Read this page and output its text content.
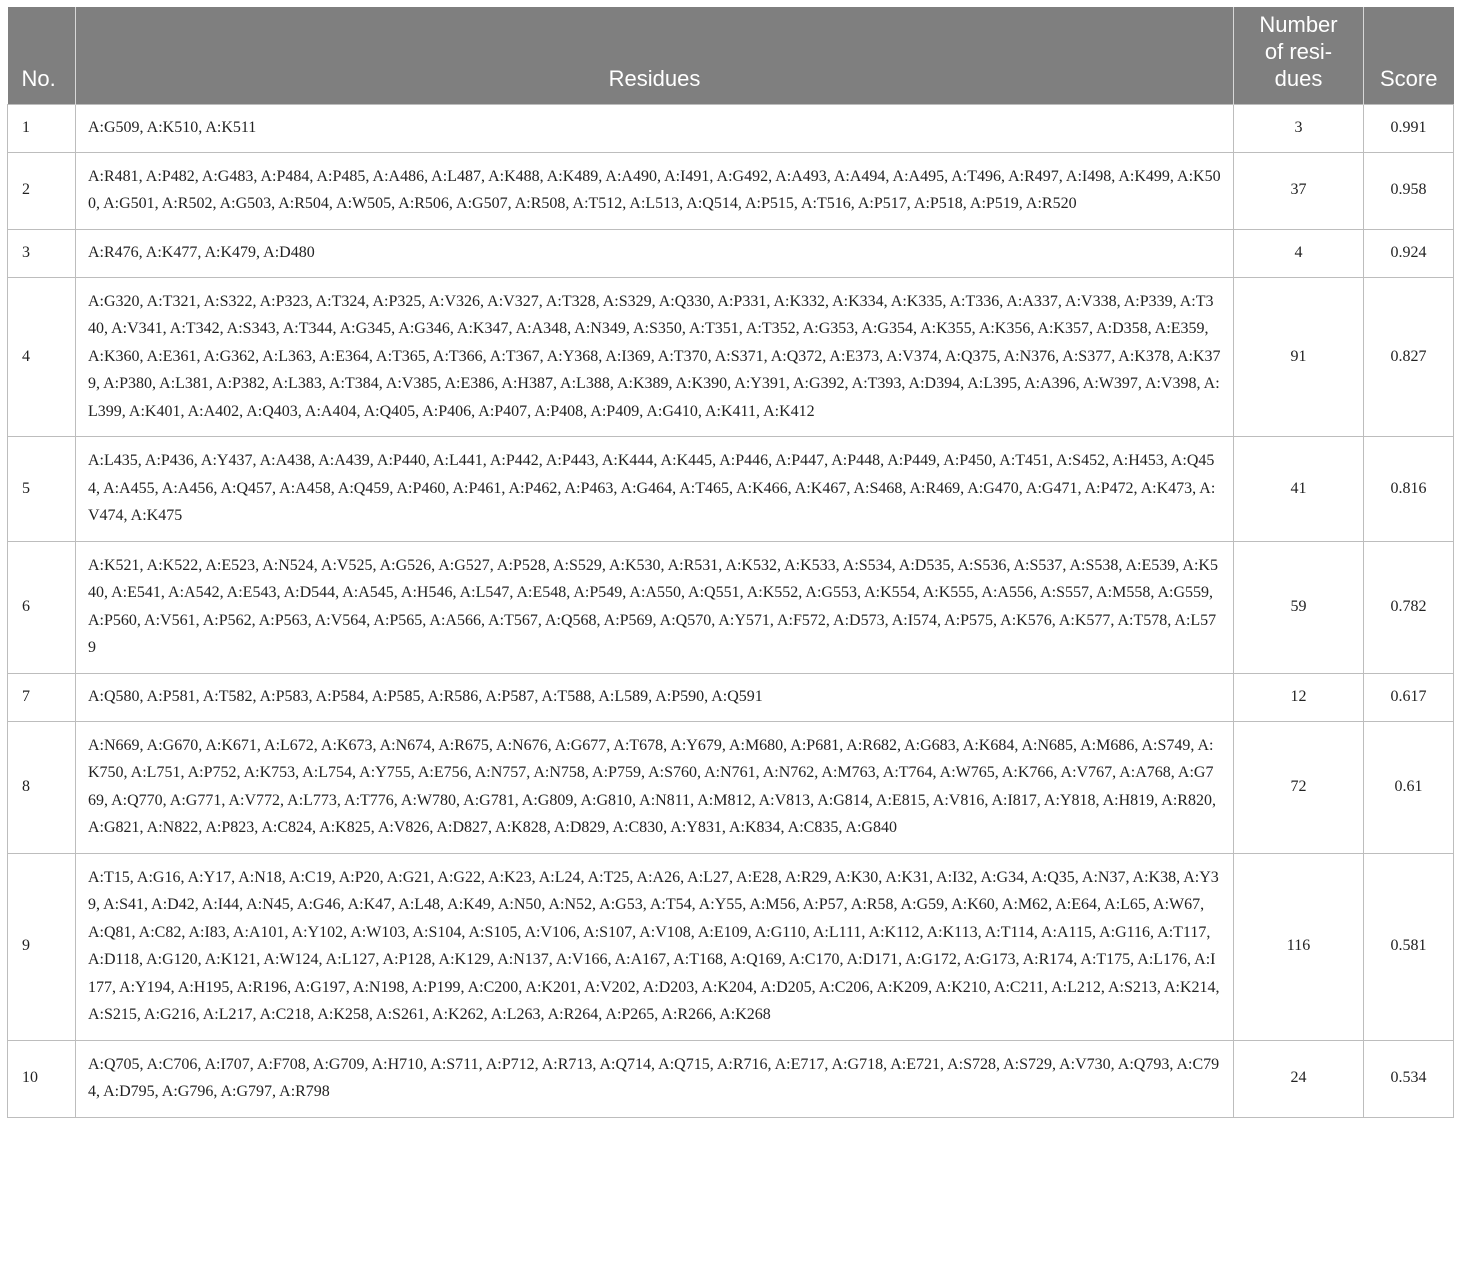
No.	Residues	Number
of resi-
dues	Score
1	A:G509, A:K510, A:K511	3	0.991
2	A:R481, A:P482, A:G483, A:P484, A:P485, A:A486, A:L487, A:K488, A:K489, A:A490, A:I491, A:G492, A:A493, A:A494, A:A495, A:T496, A:R497, A:I498, A:K499, A:K500, A:G501, A:R502, A:G503, A:R504, A:W505, A:R506, A:G507, A:R508, A:T512, A:L513, A:Q514, A:P515, A:T516, A:P517, A:P518, A:P519, A:R520	37	0.958
3	A:R476, A:K477, A:K479, A:D480	4	0.924
4	A:G320, A:T321, A:S322, A:P323, A:T324, A:P325, A:V326, A:V327, A:T328, A:S329, A:Q330, A:P331, A:K332, A:K334, A:K335, A:T336, A:A337, A:V338, A:P339, A:T340, A:V341, A:T342, A:S343, A:T344, A:G345, A:G346, A:K347, A:A348, A:N349, A:S350, A:T351, A:T352, A:G353, A:G354, A:K355, A:K356, A:K357, A:D358, A:E359, A:K360, A:E361, A:G362, A:L363, A:E364, A:T365, A:T366, A:T367, A:Y368, A:I369, A:T370, A:S371, A:Q372, A:E373, A:V374, A:Q375, A:N376, A:S377, A:K378, A:K379, A:P380, A:L381, A:P382, A:L383, A:T384, A:V385, A:E386, A:H387, A:L388, A:K389, A:K390, A:Y391, A:G392, A:T393, A:D394, A:L395, A:A396, A:W397, A:V398, A:L399, A:K401, A:A402, A:Q403, A:A404, A:Q405, A:P406, A:P407, A:P408, A:P409, A:G410, A:K411, A:K412	91	0.827
5	A:L435, A:P436, A:Y437, A:A438, A:A439, A:P440, A:L441, A:P442, A:P443, A:K444, A:K445, A:P446, A:P447, A:P448, A:P449, A:P450, A:T451, A:S452, A:H453, A:Q454, A:A455, A:A456, A:Q457, A:A458, A:Q459, A:P460, A:P461, A:P462, A:P463, A:G464, A:T465, A:K466, A:K467, A:S468, A:R469, A:G470, A:G471, A:P472, A:K473, A:V474, A:K475	41	0.816
6	A:K521, A:K522, A:E523, A:N524, A:V525, A:G526, A:G527, A:P528, A:S529, A:K530, A:R531, A:K532, A:K533, A:S534, A:D535, A:S536, A:S537, A:S538, A:E539, A:K540, A:E541, A:A542, A:E543, A:D544, A:A545, A:H546, A:L547, A:E548, A:P549, A:A550, A:Q551, A:K552, A:G553, A:K554, A:K555, A:A556, A:S557, A:M558, A:G559, A:P560, A:V561, A:P562, A:P563, A:V564, A:P565, A:A566, A:T567, A:Q568, A:P569, A:Q570, A:Y571, A:F572, A:D573, A:I574, A:P575, A:K576, A:K577, A:T578, A:L579	59	0.782
7	A:Q580, A:P581, A:T582, A:P583, A:P584, A:P585, A:R586, A:P587, A:T588, A:L589, A:P590, A:Q591	12	0.617
8	A:N669, A:G670, A:K671, A:L672, A:K673, A:N674, A:R675, A:N676, A:G677, A:T678, A:Y679, A:M680, A:P681, A:R682, A:G683, A:K684, A:N685, A:M686, A:S749, A:K750, A:L751, A:P752, A:K753, A:L754, A:Y755, A:E756, A:N757, A:N758, A:P759, A:S760, A:N761, A:N762, A:M763, A:T764, A:W765, A:K766, A:V767, A:A768, A:G769, A:Q770, A:G771, A:V772, A:L773, A:T776, A:W780, A:G781, A:G809, A:G810, A:N811, A:M812, A:V813, A:G814, A:E815, A:V816, A:I817, A:Y818, A:H819, A:R820, A:G821, A:N822, A:P823, A:C824, A:K825, A:V826, A:D827, A:K828, A:D829, A:C830, A:Y831, A:K834, A:C835, A:G840	72	0.61
9	A:T15, A:G16, A:Y17, A:N18, A:C19, A:P20, A:G21, A:G22, A:K23, A:L24, A:T25, A:A26, A:L27, A:E28, A:R29, A:K30, A:K31, A:I32, A:G34, A:Q35, A:N37, A:K38, A:Y39, A:S41, A:D42, A:I44, A:N45, A:G46, A:K47, A:L48, A:K49, A:N50, A:N52, A:G53, A:T54, A:Y55, A:M56, A:P57, A:R58, A:G59, A:K60, A:M62, A:E64, A:L65, A:W67, A:Q81, A:C82, A:I83, A:A101, A:Y102, A:W103, A:S104, A:S105, A:V106, A:S107, A:V108, A:E109, A:G110, A:L111, A:K112, A:K113, A:T114, A:A115, A:G116, A:T117, A:D118, A:G120, A:K121, A:W124, A:L127, A:P128, A:K129, A:N137, A:V166, A:A167, A:T168, A:Q169, A:C170, A:D171, A:G172, A:G173, A:R174, A:T175, A:L176, A:I177, A:Y194, A:H195, A:R196, A:G197, A:N198, A:P199, A:C200, A:K201, A:V202, A:D203, A:K204, A:D205, A:C206, A:K209, A:K210, A:C211, A:L212, A:S213, A:K214, A:S215, A:G216, A:L217, A:C218, A:K258, A:S261, A:K262, A:L263, A:R264, A:P265, A:R266, A:K268	116	0.581
10	A:Q705, A:C706, A:I707, A:F708, A:G709, A:H710, A:S711, A:P712, A:R713, A:Q714, A:Q715, A:R716, A:E717, A:G718, A:E721, A:S728, A:S729, A:V730, A:Q793, A:C794, A:D795, A:G796, A:G797, A:R798	24	0.534
